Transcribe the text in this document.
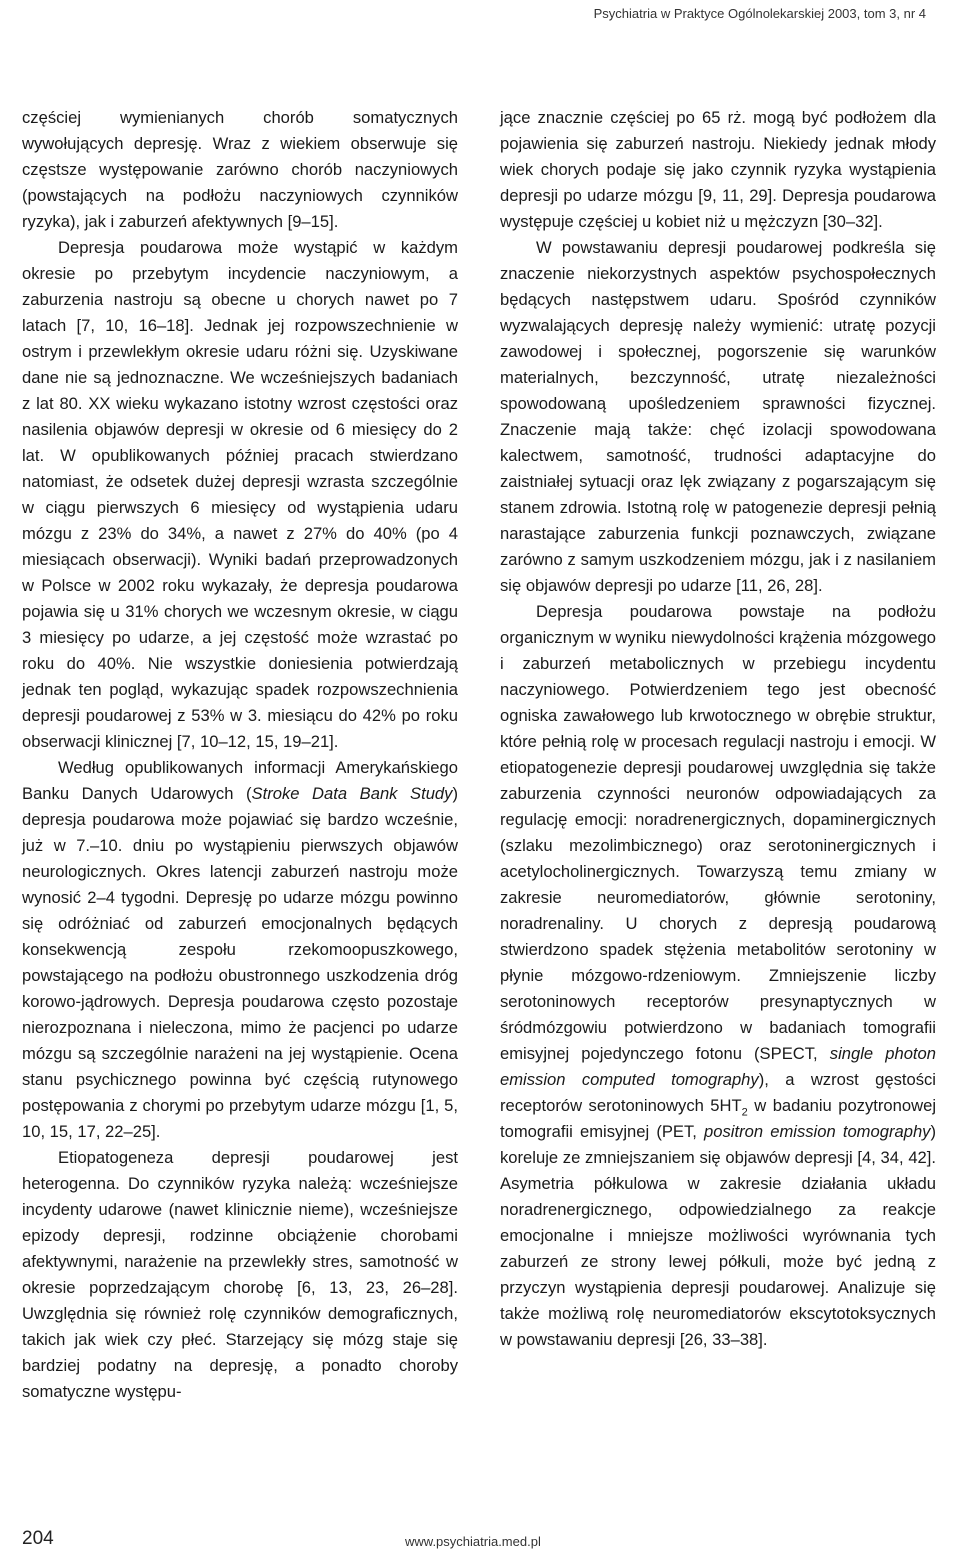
Psychiatria w Praktyce Ogólnolekarskiej 2003, tom 3, nr 4

częściej wymienianych chorób somatycznych wywołujących depresję. Wraz z wiekiem obserwuje się częstsze występowanie zarówno chorób naczyniowych (powstających na podłożu naczyniowych czynników ryzyka), jak i zaburzeń afektywnych [9–15].

Depresja poudarowa może wystąpić w każdym okresie po przebytym incydencie naczyniowym, a zaburzenia nastroju są obecne u chorych nawet po 7 latach [7, 10, 16–18]. Jednak jej rozpowszechnienie w ostrym i przewlekłym okresie udaru różni się. Uzyskiwane dane nie są jednoznaczne. We wcześniejszych badaniach z lat 80. XX wieku wykazano istotny wzrost częstości oraz nasilenia objawów depresji w okresie od 6 miesięcy do 2 lat. W opublikowanych później pracach stwierdzano natomiast, że odsetek dużej depresji wzrasta szczególnie w ciągu pierwszych 6 miesięcy od wystąpienia udaru mózgu z 23% do 34%, a nawet z 27% do 40% (po 4 miesiącach obserwacji). Wyniki badań przeprowadzonych w Polsce w 2002 roku wykazały, że depresja poudarowa pojawia się u 31% chorych we wczesnym okresie, w ciągu 3 miesięcy po udarze, a jej częstość może wzrastać po roku do 40%. Nie wszystkie doniesienia potwierdzają jednak ten pogląd, wykazując spadek rozpowszechnienia depresji poudarowej z 53% w 3. miesiącu do 42% po roku obserwacji klinicznej [7, 10–12, 15, 19–21].

Według opublikowanych informacji Amerykańskiego Banku Danych Udarowych (Stroke Data Bank Study) depresja poudarowa może pojawiać się bardzo wcześnie, już w 7.–10. dniu po wystąpieniu pierwszych objawów neurologicznych. Okres latencji zaburzeń nastroju może wynosić 2–4 tygodni. Depresję po udarze mózgu powinno się odróżniać od zaburzeń emocjonalnych będących konsekwencją zespołu rzekomoopuszkowego, powstającego na podłożu obustronnego uszkodzenia dróg korowo-jądrowych. Depresja poudarowa często pozostaje nierozpoznana i nieleczona, mimo że pacjenci po udarze mózgu są szczególnie narażeni na jej wystąpienie. Ocena stanu psychicznego powinna być częścią rutynowego postępowania z chorymi po przebytym udarze mózgu [1, 5, 10, 15, 17, 22–25].

Etiopatogeneza depresji poudarowej jest heterogenna. Do czynników ryzyka należą: wcześniejsze incydenty udarowe (nawet klinicznie nieme), wcześniejsze epizody depresji, rodzinne obciążenie chorobami afektywnymi, narażenie na przewlekły stres, samotność w okresie poprzedzającym chorobę [6, 13, 23, 26–28]. Uwzględnia się również rolę czynników demograficznych, takich jak wiek czy płeć. Starzejący się mózg staje się bardziej podatny na depresję, a ponadto choroby somatyczne występu-

jące znacznie częściej po 65 rż. mogą być podłożem dla pojawienia się zaburzeń nastroju. Niekiedy jednak młody wiek chorych podaje się jako czynnik ryzyka wystąpienia depresji po udarze mózgu [9, 11, 29]. Depresja poudarowa występuje częściej u kobiet niż u mężczyzn [30–32].

W powstawaniu depresji poudarowej podkreśla się znaczenie niekorzystnych aspektów psychospołecznych będących następstwem udaru. Spośród czynników wyzwalających depresję należy wymienić: utratę pozycji zawodowej i społecznej, pogorszenie się warunków materialnych, bezczynność, utratę niezależności spowodowaną upośledzeniem sprawności fizycznej. Znaczenie mają także: chęć izolacji spowodowana kalectwem, samotność, trudności adaptacyjne do zaistniałej sytuacji oraz lęk związany z pogarszającym się stanem zdrowia. Istotną rolę w patogenezie depresji pełnią narastające zaburzenia funkcji poznawczych, związane zarówno z samym uszkodzeniem mózgu, jak i z nasilaniem się objawów depresji po udarze [11, 26, 28].

Depresja poudarowa powstaje na podłożu organicznym w wyniku niewydolności krążenia mózgowego i zaburzeń metabolicznych w przebiegu incydentu naczyniowego. Potwierdzeniem tego jest obecność ogniska zawałowego lub krwotocznego w obrębie struktur, które pełnią rolę w procesach regulacji nastroju i emocji. W etiopatogenezie depresji poudarowej uwzględnia się także zaburzenia czynności neuronów odpowiadających za regulację emocji: noradrenergicznych, dopaminergicznych (szlaku mezolimbicznego) oraz serotoninergicznych i acetylocholinergicznych. Towarzyszą temu zmiany w zakresie neuromediatorów, głównie serotoniny, noradrenaliny. U chorych z depresją poudarową stwierdzono spadek stężenia metabolitów serotoniny w płynie mózgowo-rdzeniowym. Zmniejszenie liczby serotoninowych receptorów presynaptycznych w śródmózgowiu potwierdzono w badaniach tomografii emisyjnej pojedynczego fotonu (SPECT, single photon emission computed tomography), a wzrost gęstości receptorów serotoninowych $5HT_2$ w badaniu pozytronowej tomografii emisyjnej (PET, positron emission tomography) koreluje ze zmniejszaniem się objawów depresji [4, 34, 42]. Asymetria półkulowa w zakresie działania układu noradrenergicznego, odpowiedzialnego za reakcje emocjonalne i mniejsze możliwości wyrównania tych zaburzeń ze strony lewej półkuli, może być jedną z przyczyn wystąpienia depresji poudarowej. Analizuje się także możliwą rolę neuromediatorów ekscytotoksycznych w powstawaniu depresji [26, 33–38].

204	www.psychiatria.med.pl
